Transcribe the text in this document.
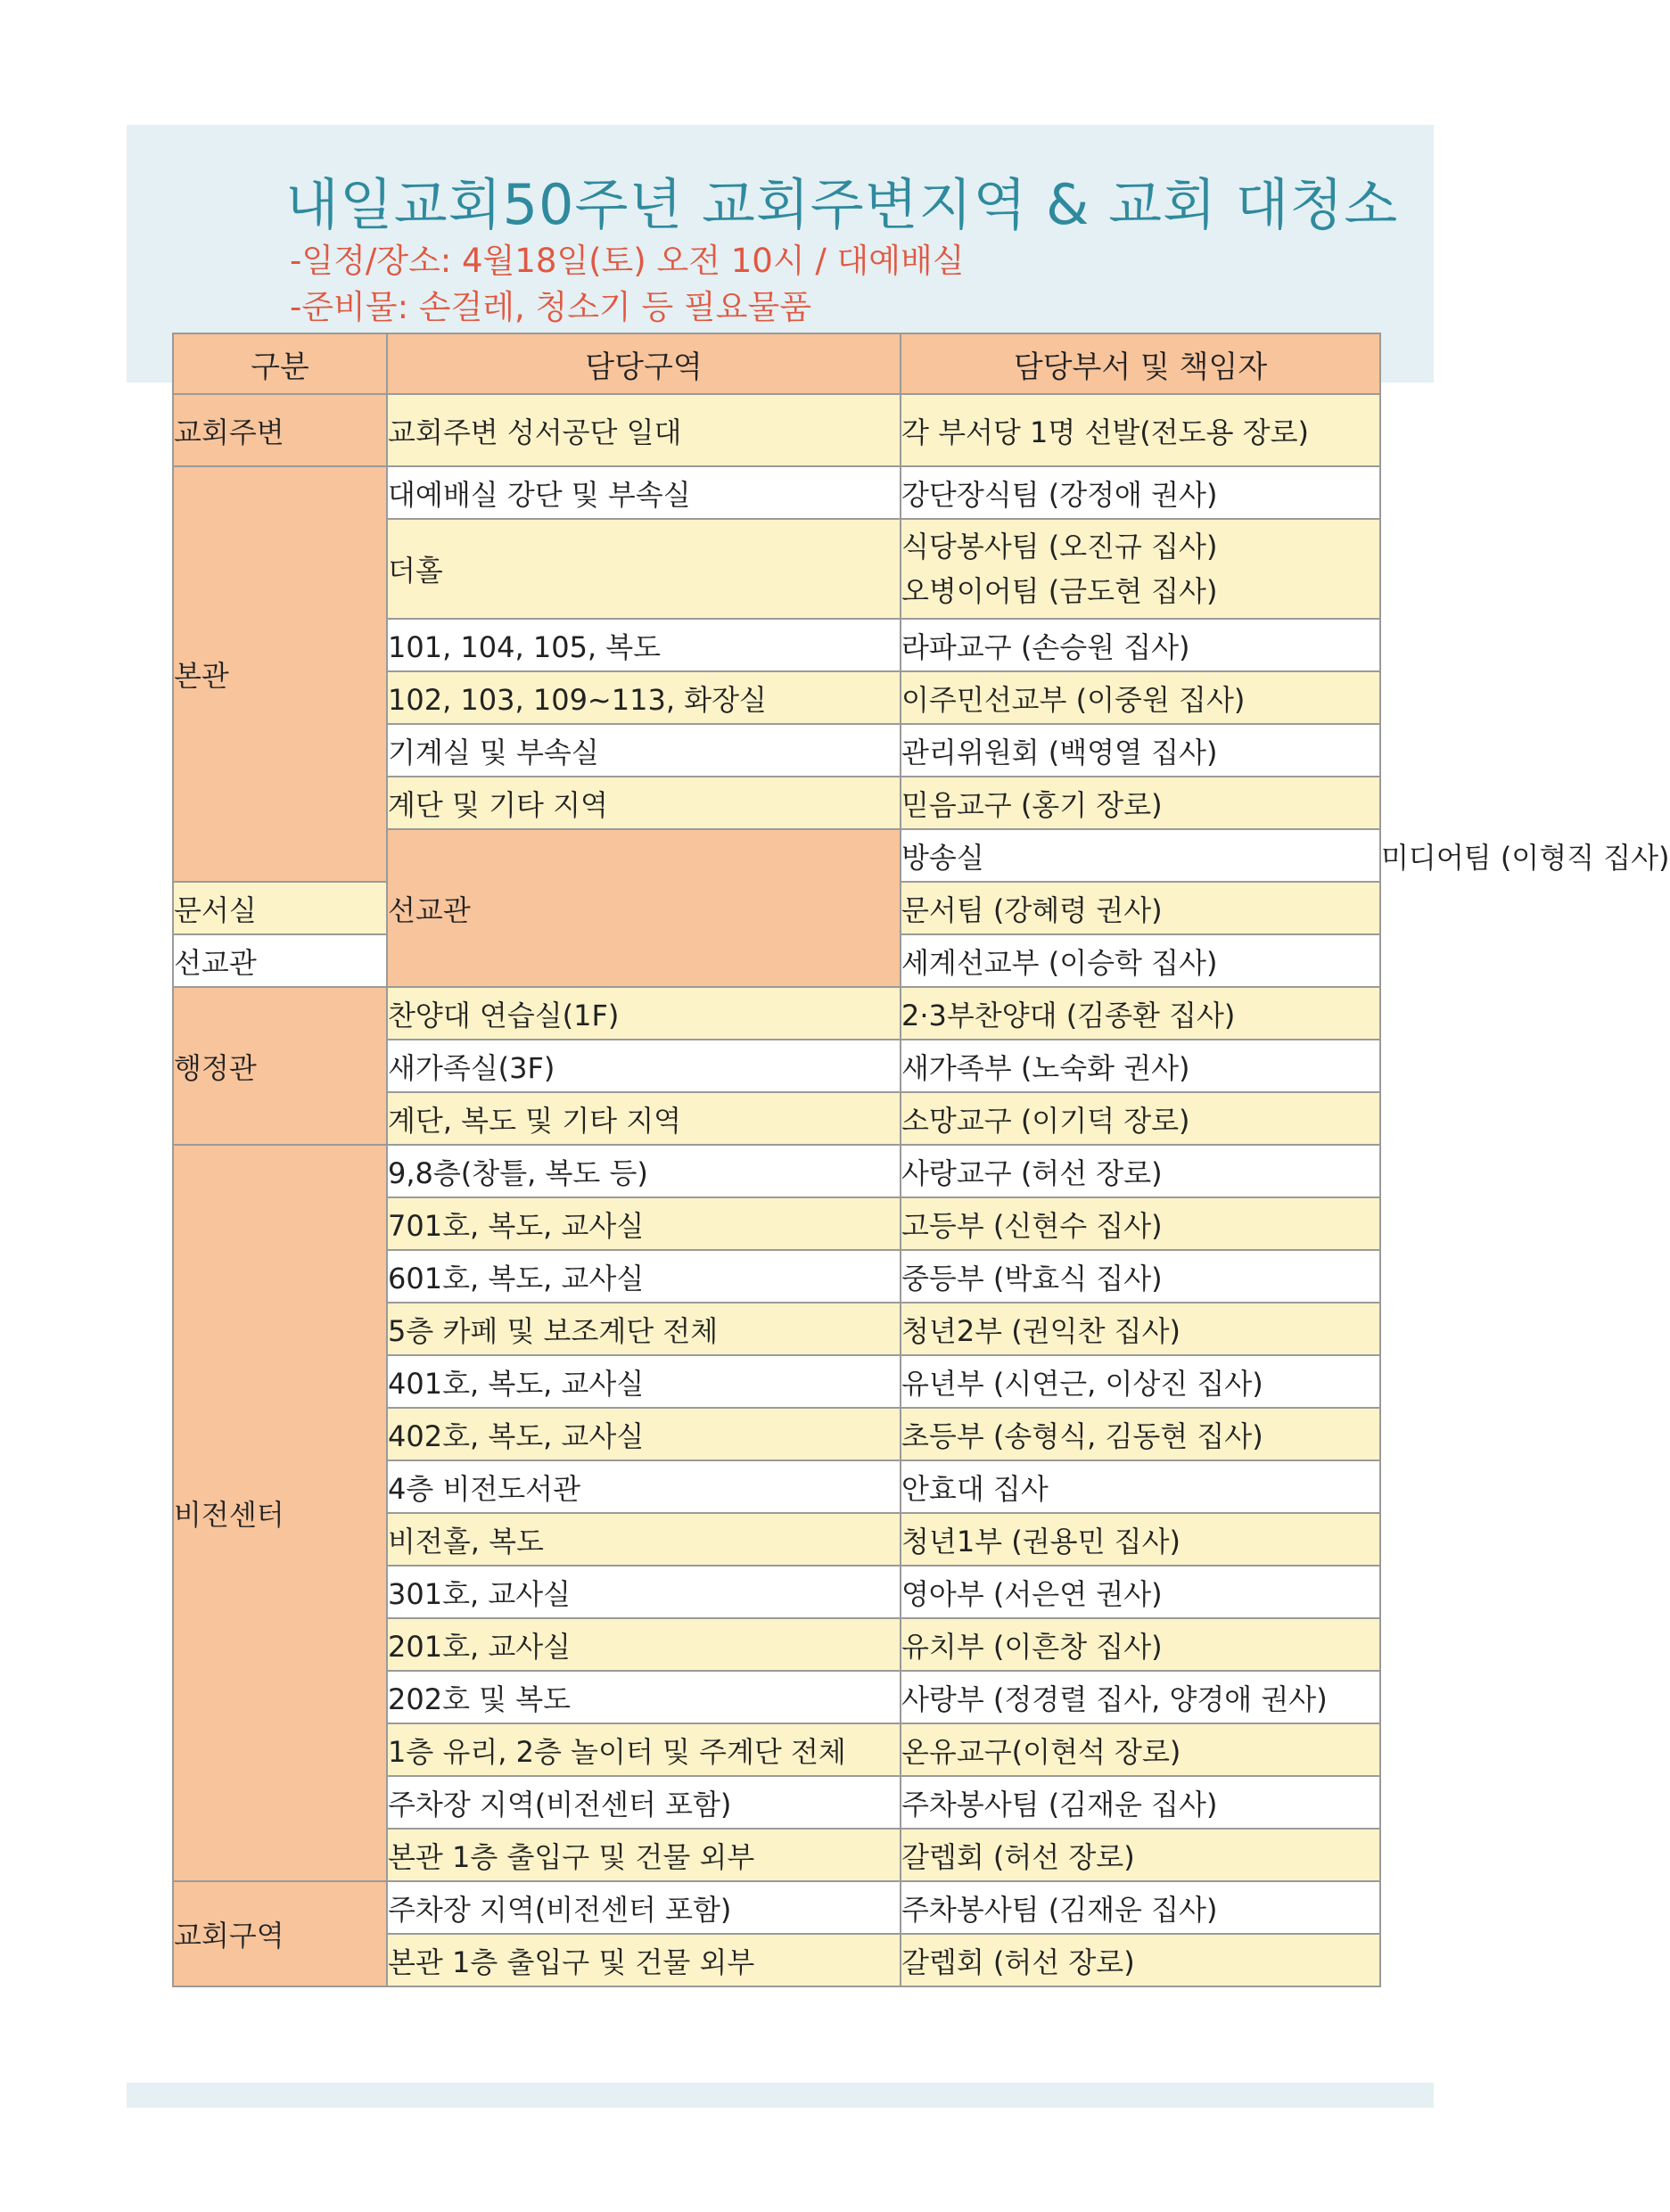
내일교회50주년 교회주변지역 & 교회 대청소
-일정/장소: 4월18일(토) 오전 10시 / 대예배실
-준비물: 손걸레, 청소기 등 필요물품
구분	담당구역	담당부서 및 책임자	
교회주변	교회주변 성서공단 일대	각 부서당 1명 선발(전도용 장로)	
본관	대예배실 강단 및 부속실	강단장식팀 (강정애 권사)	
	더홀	식당봉사팀 (오진규 집사)
오병이어팀 (금도현 집사)	

	101, 104, 105, 복도	라파교구 (손승원 집사)	
	102, 103, 109~113, 화장실	이주민선교부 (이중원 집사)	
	기계실 및 부속실	관리위원회 (백영열 집사)	
	계단 및 기타 지역	믿음교구 (홍기 장로)	
	선교관	방송실	미디어팀 (이형직 집사)
문서실		문서팀 (강혜령 권사)	
선교관		세계선교부 (이승학 집사)	
행정관	찬양대 연습실(1F)	2·3부찬양대 (김종환 집사)	
	새가족실(3F)	새가족부 (노숙화 권사)	
	계단, 복도 및 기타 지역	소망교구 (이기덕 장로)	
비전센터	9,8층(창틀, 복도 등)	사랑교구 (허선 장로)	
	701호, 복도, 교사실	고등부 (신현수 집사)	
	601호, 복도, 교사실	중등부 (박효식 집사)	
	5층 카페 및 보조계단 전체	청년2부 (권익찬 집사)	
	401호, 복도, 교사실	유년부 (시연근, 이상진 집사)	
	402호, 복도, 교사실	초등부 (송형식, 김동현 집사)	
	4층 비전도서관	안효대 집사	
	비전홀, 복도	청년1부 (권용민 집사)	
	301호, 교사실	영아부 (서은연 권사)	
	201호, 교사실	유치부 (이흔창 집사)	
	202호 및 복도	사랑부 (정경렬 집사, 양경애 권사)	
	1층 유리, 2층 놀이터 및 주계단 전체	온유교구(이현석 장로)	
	주차장 지역(비전센터 포함)	주차봉사팀 (김재운 집사)	
	본관 1층 출입구 및 건물 외부	갈렙회 (허선 장로)	
교회구역	주차장 지역(비전센터 포함)	주차봉사팀 (김재운 집사)	
	본관 1층 출입구 및 건물 외부	갈렙회 (허선 장로)	
